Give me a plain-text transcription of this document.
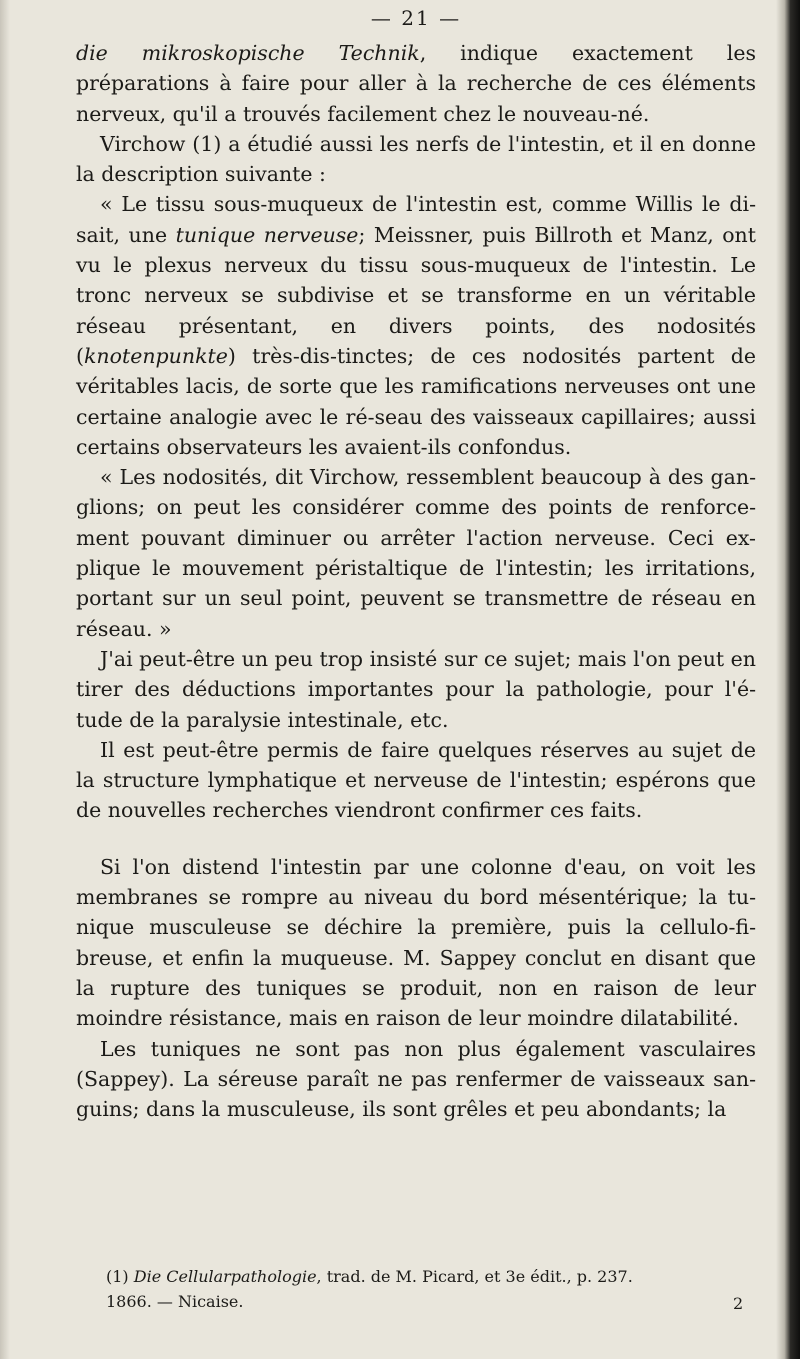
— 21 —

die mikroskopische Technik, indique exactement les préparations à faire pour aller à la recherche de ces éléments nerveux, qu'il a trouvés facilement chez le nouveau-né.

Virchow (1) a étudié aussi les nerfs de l'intestin, et il en donne la description suivante :

« Le tissu sous-muqueux de l'intestin est, comme Willis le di-sait, une tunique nerveuse; Meissner, puis Billroth et Manz, ont vu le plexus nerveux du tissu sous-muqueux de l'intestin. Le tronc nerveux se subdivise et se transforme en un véritable réseau présentant, en divers points, des nodosités (knotenpunkte) très-dis-tinctes; de ces nodosités partent de véritables lacis, de sorte que les ramifications nerveuses ont une certaine analogie avec le ré-seau des vaisseaux capillaires; aussi certains observateurs les avaient-ils confondus.

« Les nodosités, dit Virchow, ressemblent beaucoup à des gan-glions; on peut les considérer comme des points de renforce-ment pouvant diminuer ou arrêter l'action nerveuse. Ceci ex-plique le mouvement péristaltique de l'intestin; les irritations, portant sur un seul point, peuvent se transmettre de réseau en réseau. »

J'ai peut-être un peu trop insisté sur ce sujet; mais l'on peut en tirer des déductions importantes pour la pathologie, pour l'é-tude de la paralysie intestinale, etc.

Il est peut-être permis de faire quelques réserves au sujet de la structure lymphatique et nerveuse de l'intestin; espérons que de nouvelles recherches viendront confirmer ces faits.

Si l'on distend l'intestin par une colonne d'eau, on voit les membranes se rompre au niveau du bord mésentérique; la tu-nique musculeuse se déchire la première, puis la cellulo-fi-breuse, et enfin la muqueuse. M. Sappey conclut en disant que la rupture des tuniques se produit, non en raison de leur moindre résistance, mais en raison de leur moindre dilatabilité.

Les tuniques ne sont pas non plus également vasculaires (Sappey). La séreuse paraît ne pas renfermer de vaisseaux san-guins; dans la musculeuse, ils sont grêles et peu abondants; la

(1) Die Cellularpathologie, trad. de M. Picard, et 3e édit., p. 237.

1866. — Nicaise.	2
